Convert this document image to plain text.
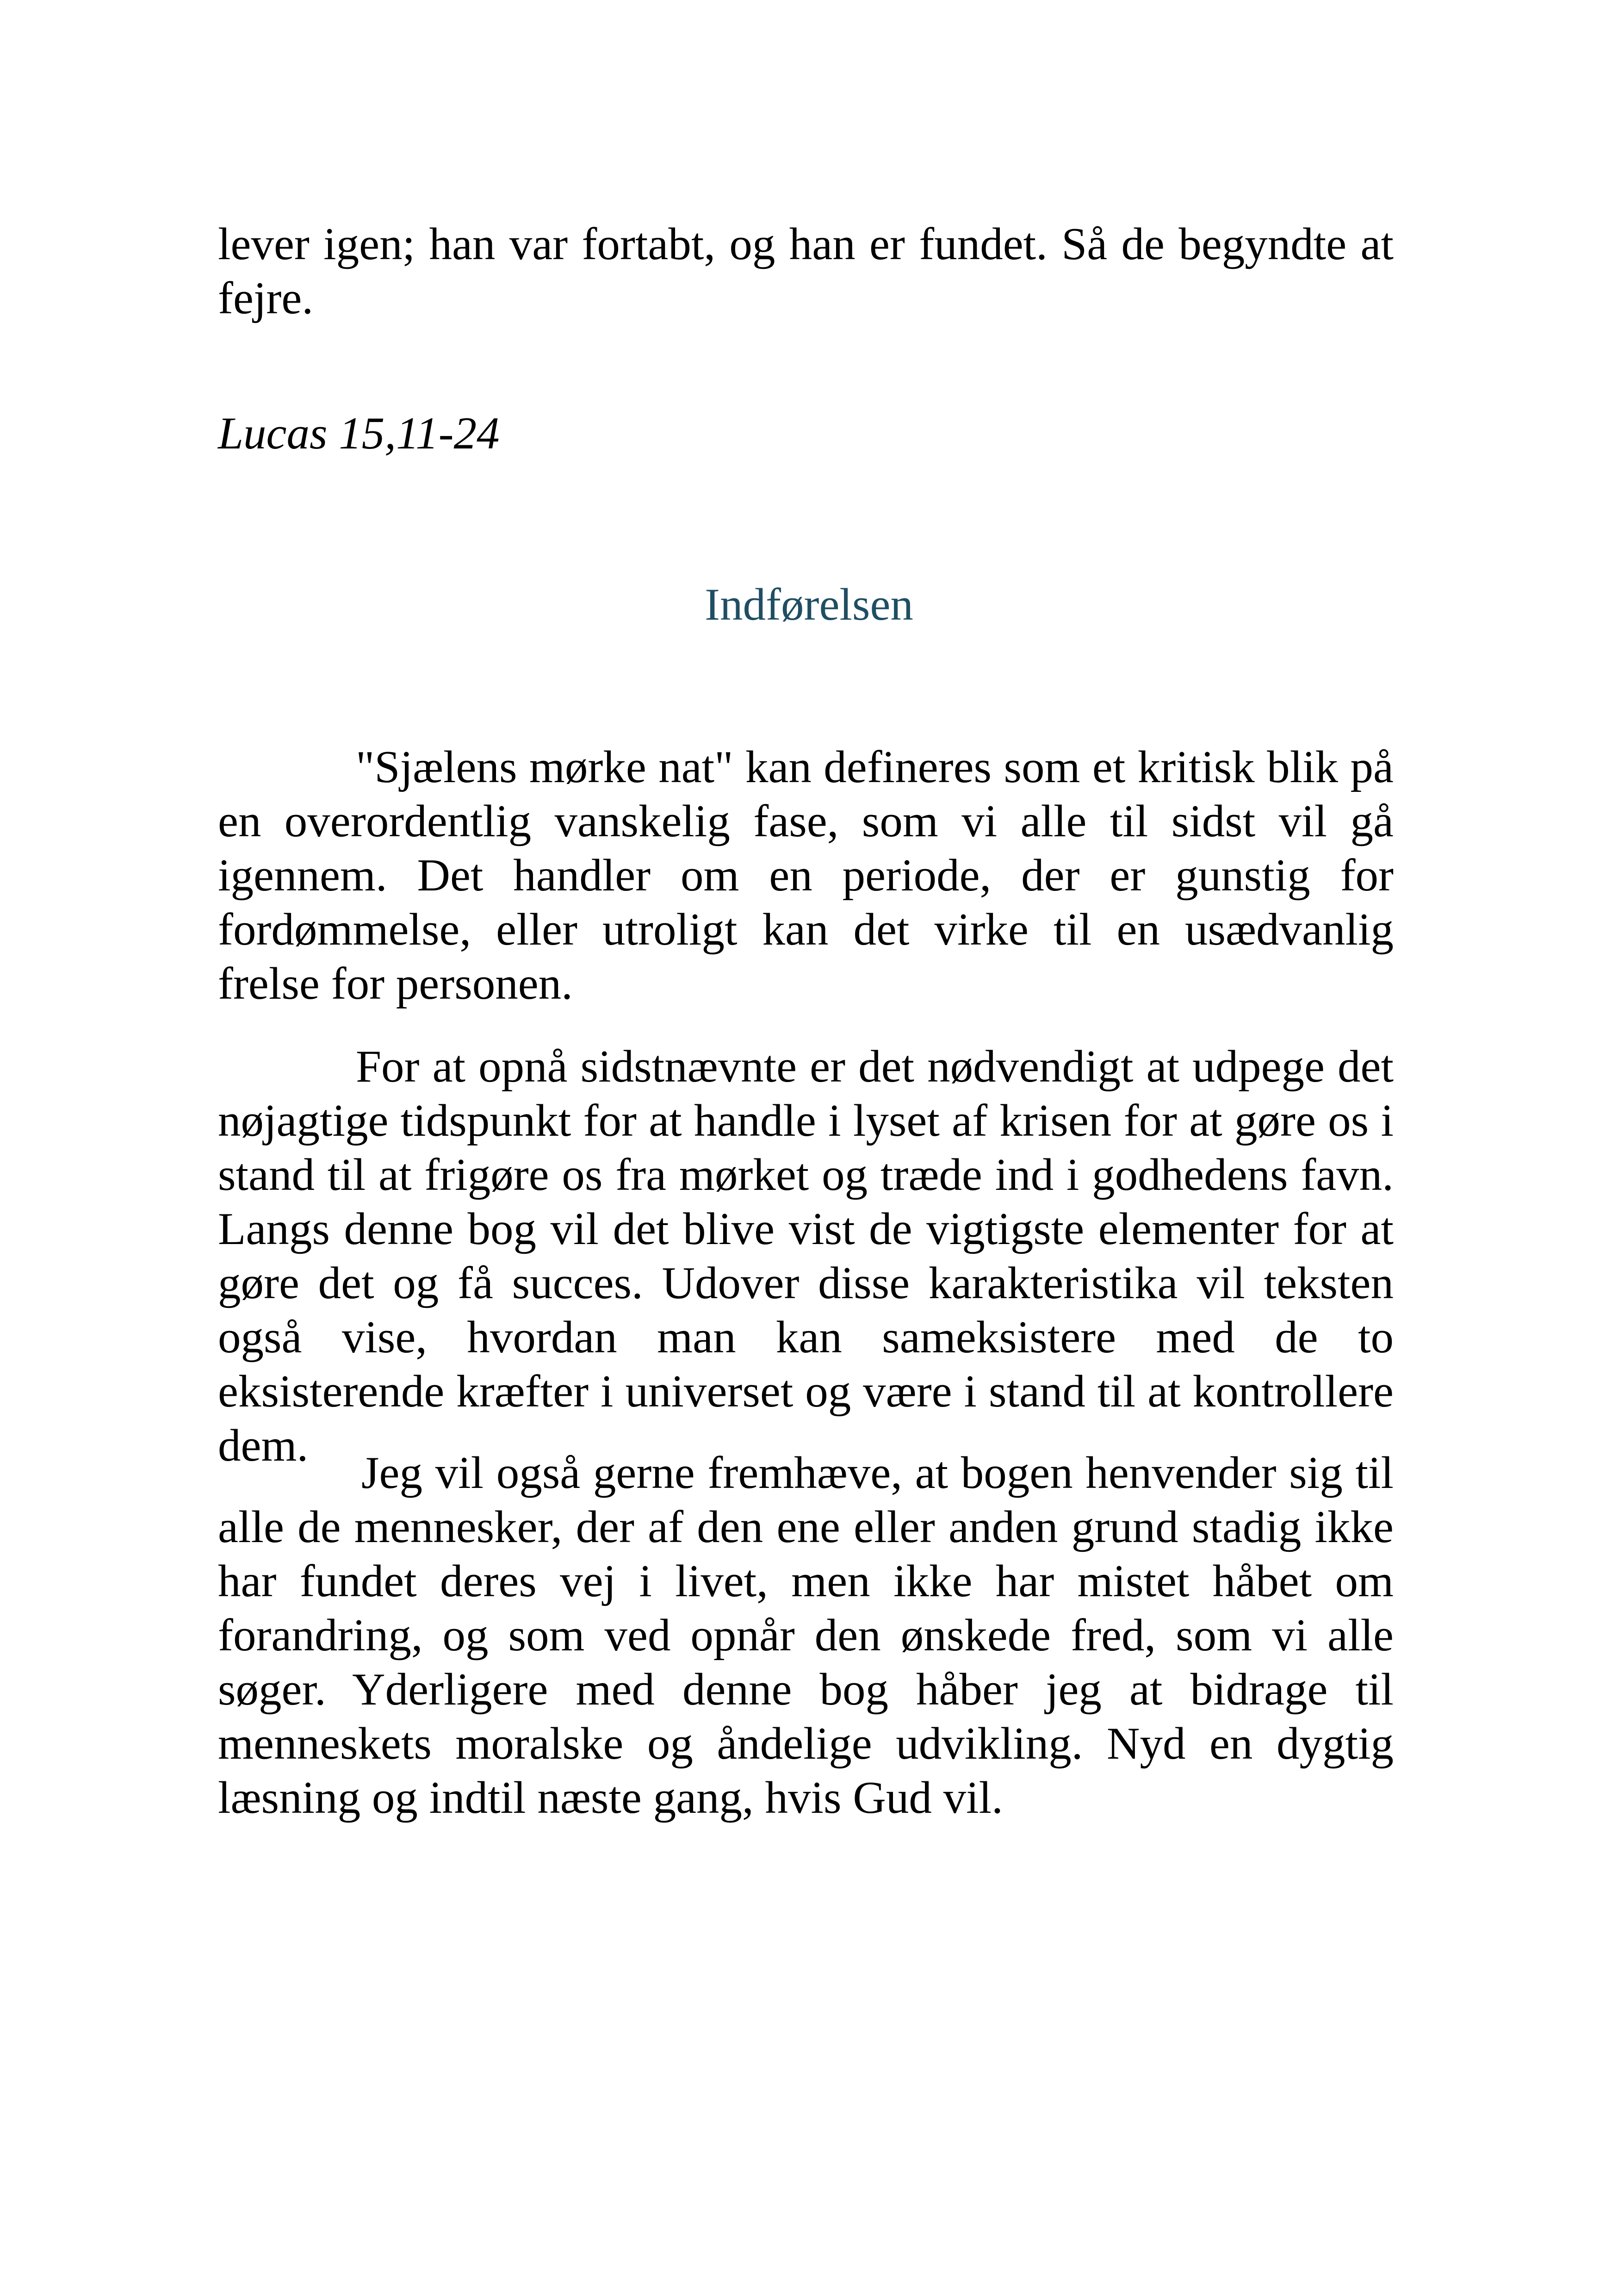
lever igen; han var fortabt, og han er fundet. Så de begyndte at fejre.

Lucas 15,11-24
Indførelsen

"Sjælens mørke nat" kan defineres som et kritisk blik på en overordentlig vanskelig fase, som vi alle til sidst vil gå igennem. Det handler om en periode, der er gunstig for fordømmelse, eller utroligt kan det virke til en usædvanlig frelse for personen.

For at opnå sidstnævnte er det nødvendigt at udpege det nøjagtige tidspunkt for at handle i lyset af krisen for at gøre os i stand til at frigøre os fra mørket og træde ind i godhedens favn. Langs denne bog vil det blive vist de vigtigste elementer for at gøre det og få succes. Udover disse karakteristika vil teksten også vise, hvordan man kan sameksistere med de to eksisterende kræfter i universet og være i stand til at kontrollere dem.

Jeg vil også gerne fremhæve, at bogen henvender sig til alle de mennesker, der af den ene eller anden grund stadig ikke har fundet deres vej i livet, men ikke har mistet håbet om forandring, og som ved opnår den ønskede fred, som vi alle søger. Yderligere med denne bog håber jeg at bidrage til menneskets moralske og åndelige udvikling. Nyd en dygtig læsning og indtil næste gang, hvis Gud vil.
